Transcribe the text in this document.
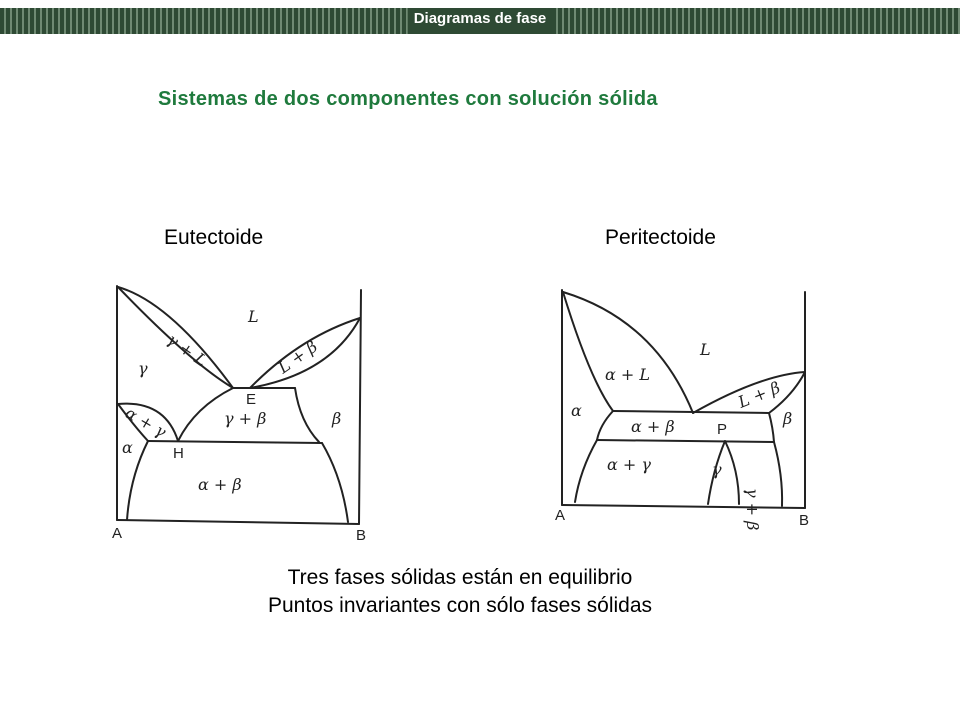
Diagramas de fase
Sistemas de dos componentes con solución sólida
Eutectoide	Peritectoide
L
γ + L	L + β
γ
γ + β	β
α + γ
α
α + β
E
H
A	B
L
α + L
L + β
α
α + β	β
α + γ	γ
γ + β
P
A	B
Tres fases sólidas están en equilibrio
Puntos invariantes con sólo fases sólidas
